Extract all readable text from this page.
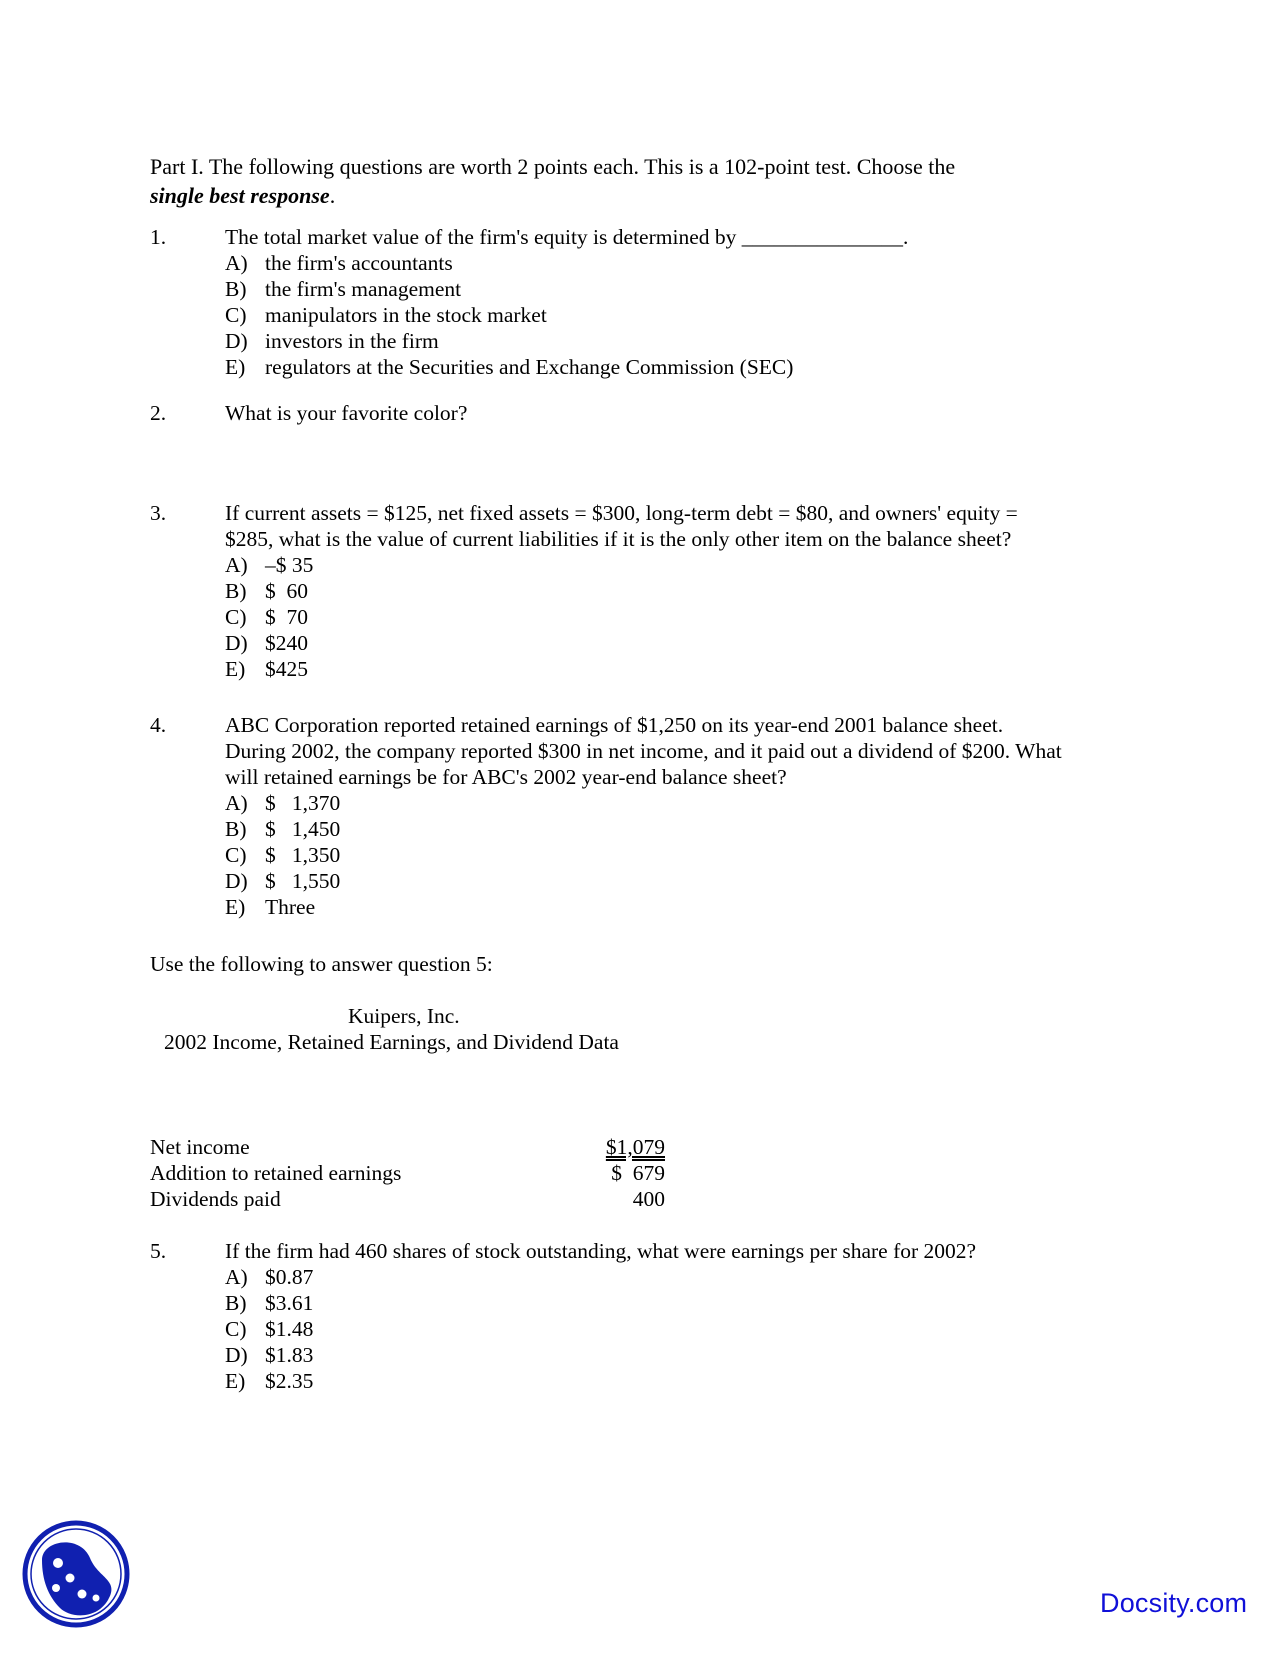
Part I. The following questions are worth 2 points each. This is a 102-point test. Choose the
single best response.
1.	The total market value of the firm's equity is determined by _______________.
A) the firm's accountants
B) the firm's management
C) manipulators in the stock market
D) investors in the firm
E) regulators at the Securities and Exchange Commission (SEC)
2.	What is your favorite color?
3.	If current assets = $125, net fixed assets = $300, long-term debt = $80, and owners' equity =
$285, what is the value of current liabilities if it is the only other item on the balance sheet?
A) –$ 35
B) $  60
C) $  70
D) $240
E) $425
4.	ABC Corporation reported retained earnings of $1,250 on its year-end 2001 balance sheet.
During 2002, the company reported $300 in net income, and it paid out a dividend of $200. What
will retained earnings be for ABC's 2002 year-end balance sheet?
A) $   1,370
B) $   1,450
C) $   1,350
D) $   1,550
E) Three
Use the following to answer question 5:
Kuipers, Inc.
2002 Income, Retained Earnings, and Dividend Data
Net income	$1,079
Addition to retained earnings	$  679
Dividends paid	400
5.	If the firm had 460 shares of stock outstanding, what were earnings per share for 2002?
A) $0.87
B) $3.61
C) $1.48
D) $1.83
E) $2.35
Docsity.com
